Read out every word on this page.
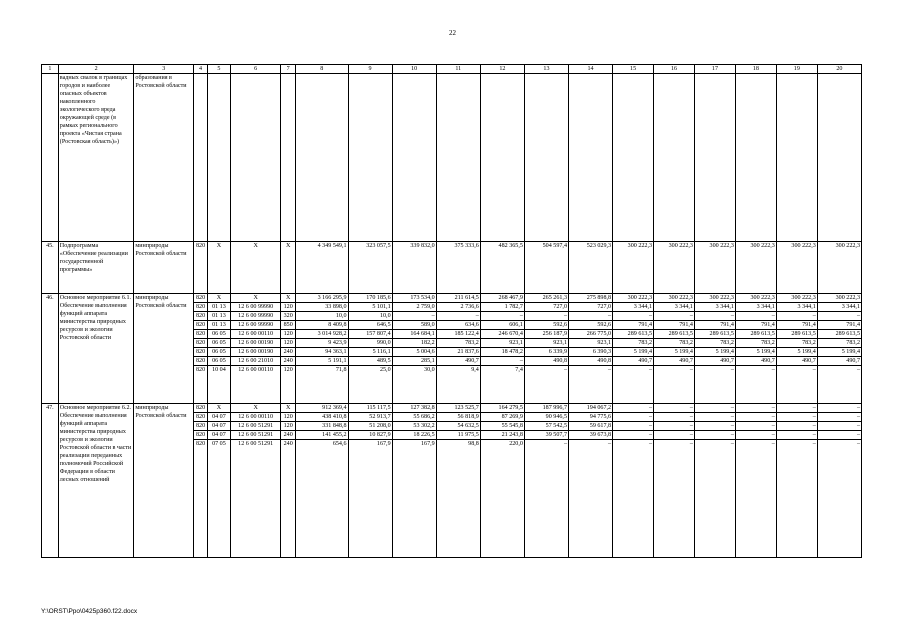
22
1	2	3	4	5	6	7	8	9	10	11	12	13	14	15	16	17	18	19	20
	вадных свалок в границах городов и наиболее опасных объектов накопленного экологического вреда окружающей среде (в рамках регионального проекта «Чистая страна (Ростовская область)»)	образования в Ростовской области																	
45.	Подпрограмма «Обеспечение реализации государственной программы»	минприроды Ростовской области	820	X	X	X	4 349 549,1	323 057,5	339 832,0	375 333,6	482 365,5	504 597,4	523 029,3	300 222,3	300 222,3	300 222,3	300 222,3	300 222,3	300 222,3
46.	Основное мероприятие 6.1. Обеспечение выполнения функций аппарата министерства природных ресурсов и экологии Ростовской области	минприроды Ростовской области	820	X	X	X	3 166 295,9	170 185,6	173 534,0	211 614,5	268 467,9	265 261,3	275 898,8	300 222,3	300 222,3	300 222,3	300 222,3	300 222,3	300 222,3
			820	01 13	12 6 00 99990	120	33 898,0	5 101,1	2 759,0	2 736,6	1 782,7	727,0	727,0	3 344,1	3 344,1	3 344,1	3 344,1	3 344,1	3 344,1
			820	01 13	12 6 00 99990	320	10,0	10,0	–	–	–	–	–	–	–	–	–	–	–
			820	01 13	12 6 00 99990	850	8 409,8	646,5	589,0	634,6	606,1	592,6	592,6	791,4	791,4	791,4	791,4	791,4	791,4
			820	06 05	12 6 00 00110	120	3 014 928,2	157 807,4	164 684,1	185 122,4	246 670,4	256 187,9	266 775,0	289 613,5	289 613,5	289 613,5	289 613,5	289 613,5	289 613,5
			820	06 05	12 6 00 00190	120	9 423,9	990,0	182,2	783,2	923,1	923,1	923,1	783,2	783,2	783,2	783,2	783,2	783,2
			820	06 05	12 6 00 00190	240	94 363,1	5 116,1	5 004,6	21 837,6	18 478,2	6 339,9	6 390,3	5 199,4	5 199,4	5 199,4	5 199,4	5 199,4	5 199,4
			820	06 05	12 6 00 21010	240	5 191,1	489,5	285,1	490,7	–	490,8	490,8	490,7	490,7	490,7	490,7	490,7	490,7
			820	10 04	12 6 00 00110	120	71,8	25,0	30,0	9,4	7,4	–	–	–	–	–	–	–	–
47.	Основное мероприятие 6.2. Обеспечение выполнения функций аппарата министерства природных ресурсов и экологии Ростовской области в части реализации переданных полномочий Российской Федерации в области лесных отношений	минприроды Ростовской области	820	X	X	X	912 369,4	115 117,5	127 382,8	123 525,7	164 279,5	187 996,7	194 067,2	–	–	–	–	–	–
			820	04 07	12 6 00 00110	120	438 410,8	52 913,7	55 686,2	56 818,9	87 269,9	90 946,5	94 775,6	–	–	–	–	–	–
			820	04 07	12 6 00 51291	120	331 848,8	51 208,0	53 302,2	54 632,5	55 545,8	57 542,5	59 617,8	–	–	–	–	–	–
			820	04 07	12 6 00 51291	240	141 455,2	10 827,9	18 226,5	11 975,5	21 243,8	39 507,7	39 673,8	–	–	–	–	–	–
			820	07 05	12 6 00 51291	240	654,6	167,9	167,9	98,8	220,0	–	–	–	–	–	–	–	–
Y:\ORST\Ppo\0425p360.f22.docx
